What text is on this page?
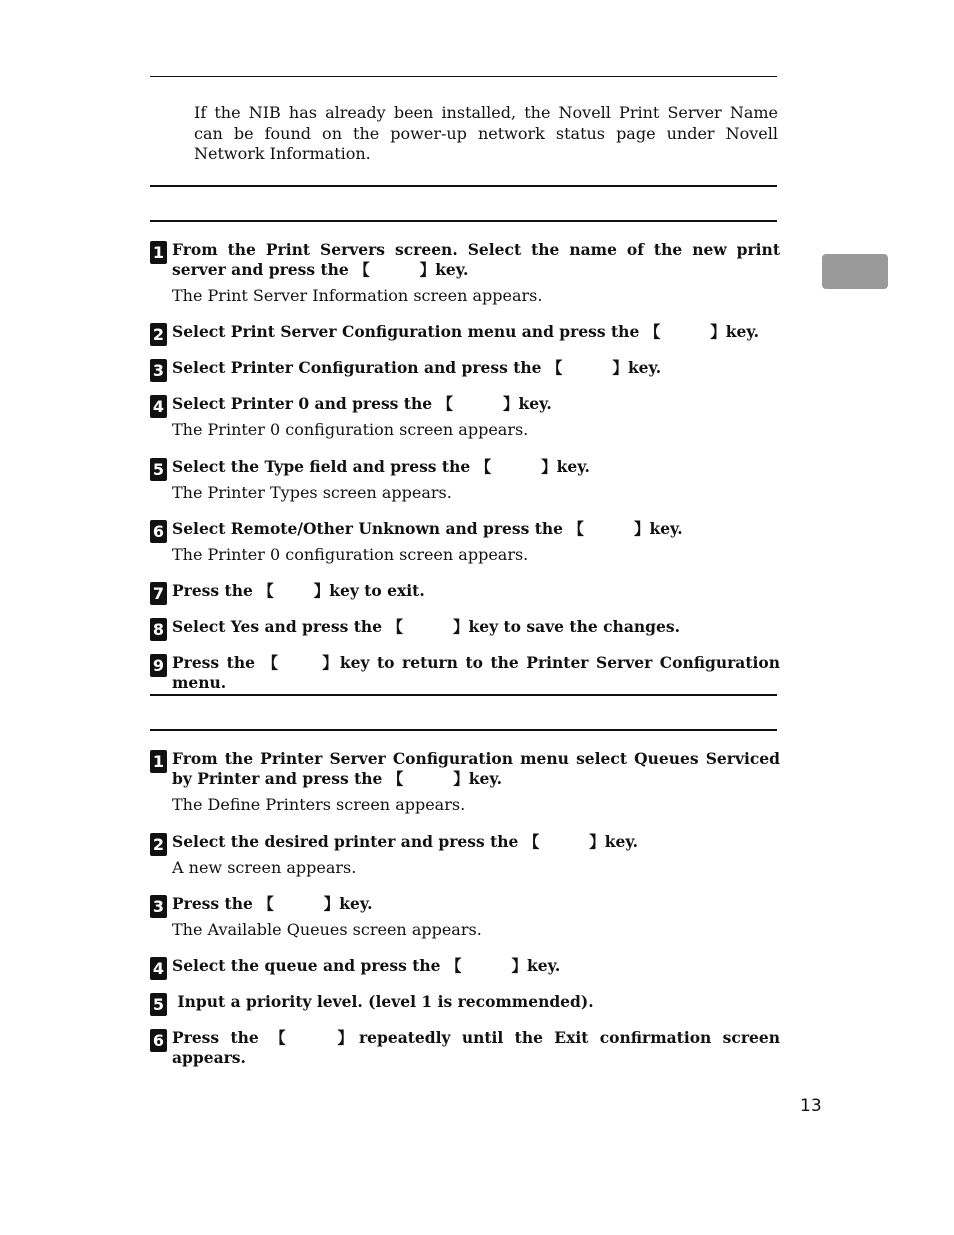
If the NIB has already been installed, the Novell Print Server Name can be found on the power-up network status page under Novell Network Information.

1 From the Print Servers screen. Select the name of the new print server and press the 【	】key.
The Print Server Information screen appears.
2 Select Print Server Configuration menu and press the 【	】key.
3 Select Printer Configuration and press the 【	】key.
4 Select Printer 0 and press the 【	】key.
The Printer 0 configuration screen appears.
5 Select the Type field and press the 【	】key.
The Printer Types screen appears.
6 Select Remote/Other Unknown and press the 【	】key.
The Printer 0 configuration screen appears.
7 Press the 【	】key to exit.
8 Select Yes and press the 【	】key to save the changes.
9 Press the 【	】key to return to the Printer Server Configuration menu.
1 From the Printer Server Configuration menu select Queues Serviced by Printer and press the 【	】key.
The Define Printers screen appears.
2 Select the desired printer and press the 【	】key.
A new screen appears.
3 Press the 【	】key.
The Available Queues screen appears.
4 Select the queue and press the 【	】key.
5 Input a priority level. (level 1 is recommended).
6 Press the 【	】repeatedly until the Exit confirmation screen appears.
13
